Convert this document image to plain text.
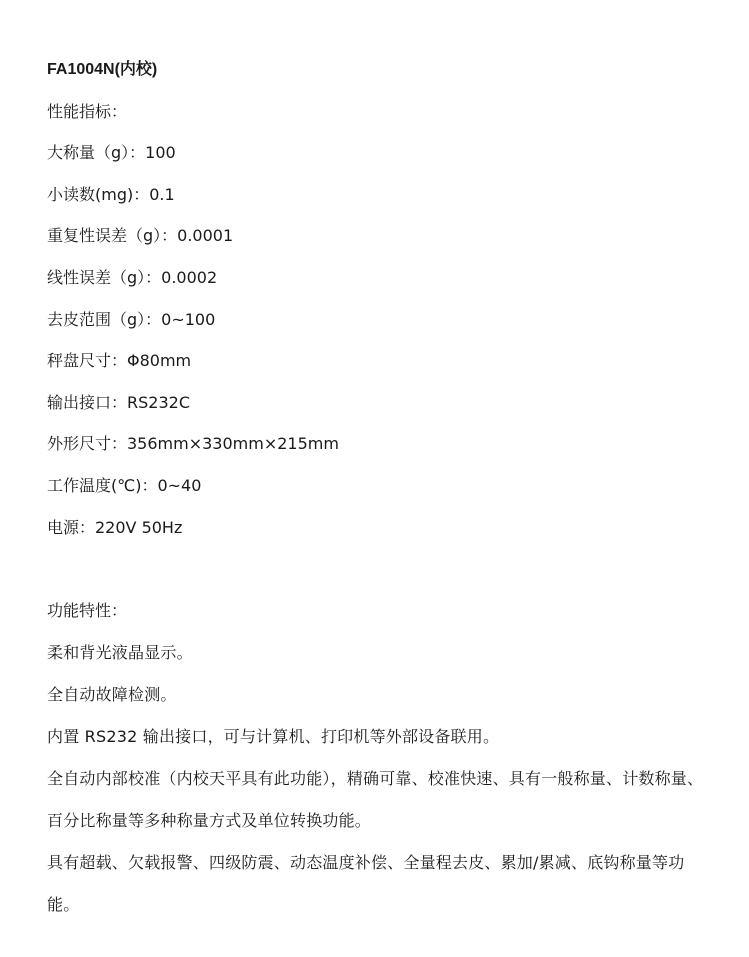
FA1004N(内校)

性能指标：

大称量（g）：100

小读数(mg)：0.1

重复性误差（g）：0.0001

线性误差（g）：0.0002

去皮范围（g）：0~100

秤盘尺寸：Φ80mm

输出接口：RS232C

外形尺寸：356mm×330mm×215mm

工作温度(℃)：0~40

电源：220V 50Hz

功能特性：

柔和背光液晶显示。

全自动故障检测。

内置 RS232 输出接口，可与计算机、打印机等外部设备联用。

全自动内部校准（内校天平具有此功能），精确可靠、校准快速、具有一般称量、计数称量、百分比称量等多种称量方式及单位转换功能。

具有超载、欠载报警、四级防震、动态温度补偿、全量程去皮、累加/累减、底钩称量等功能。
